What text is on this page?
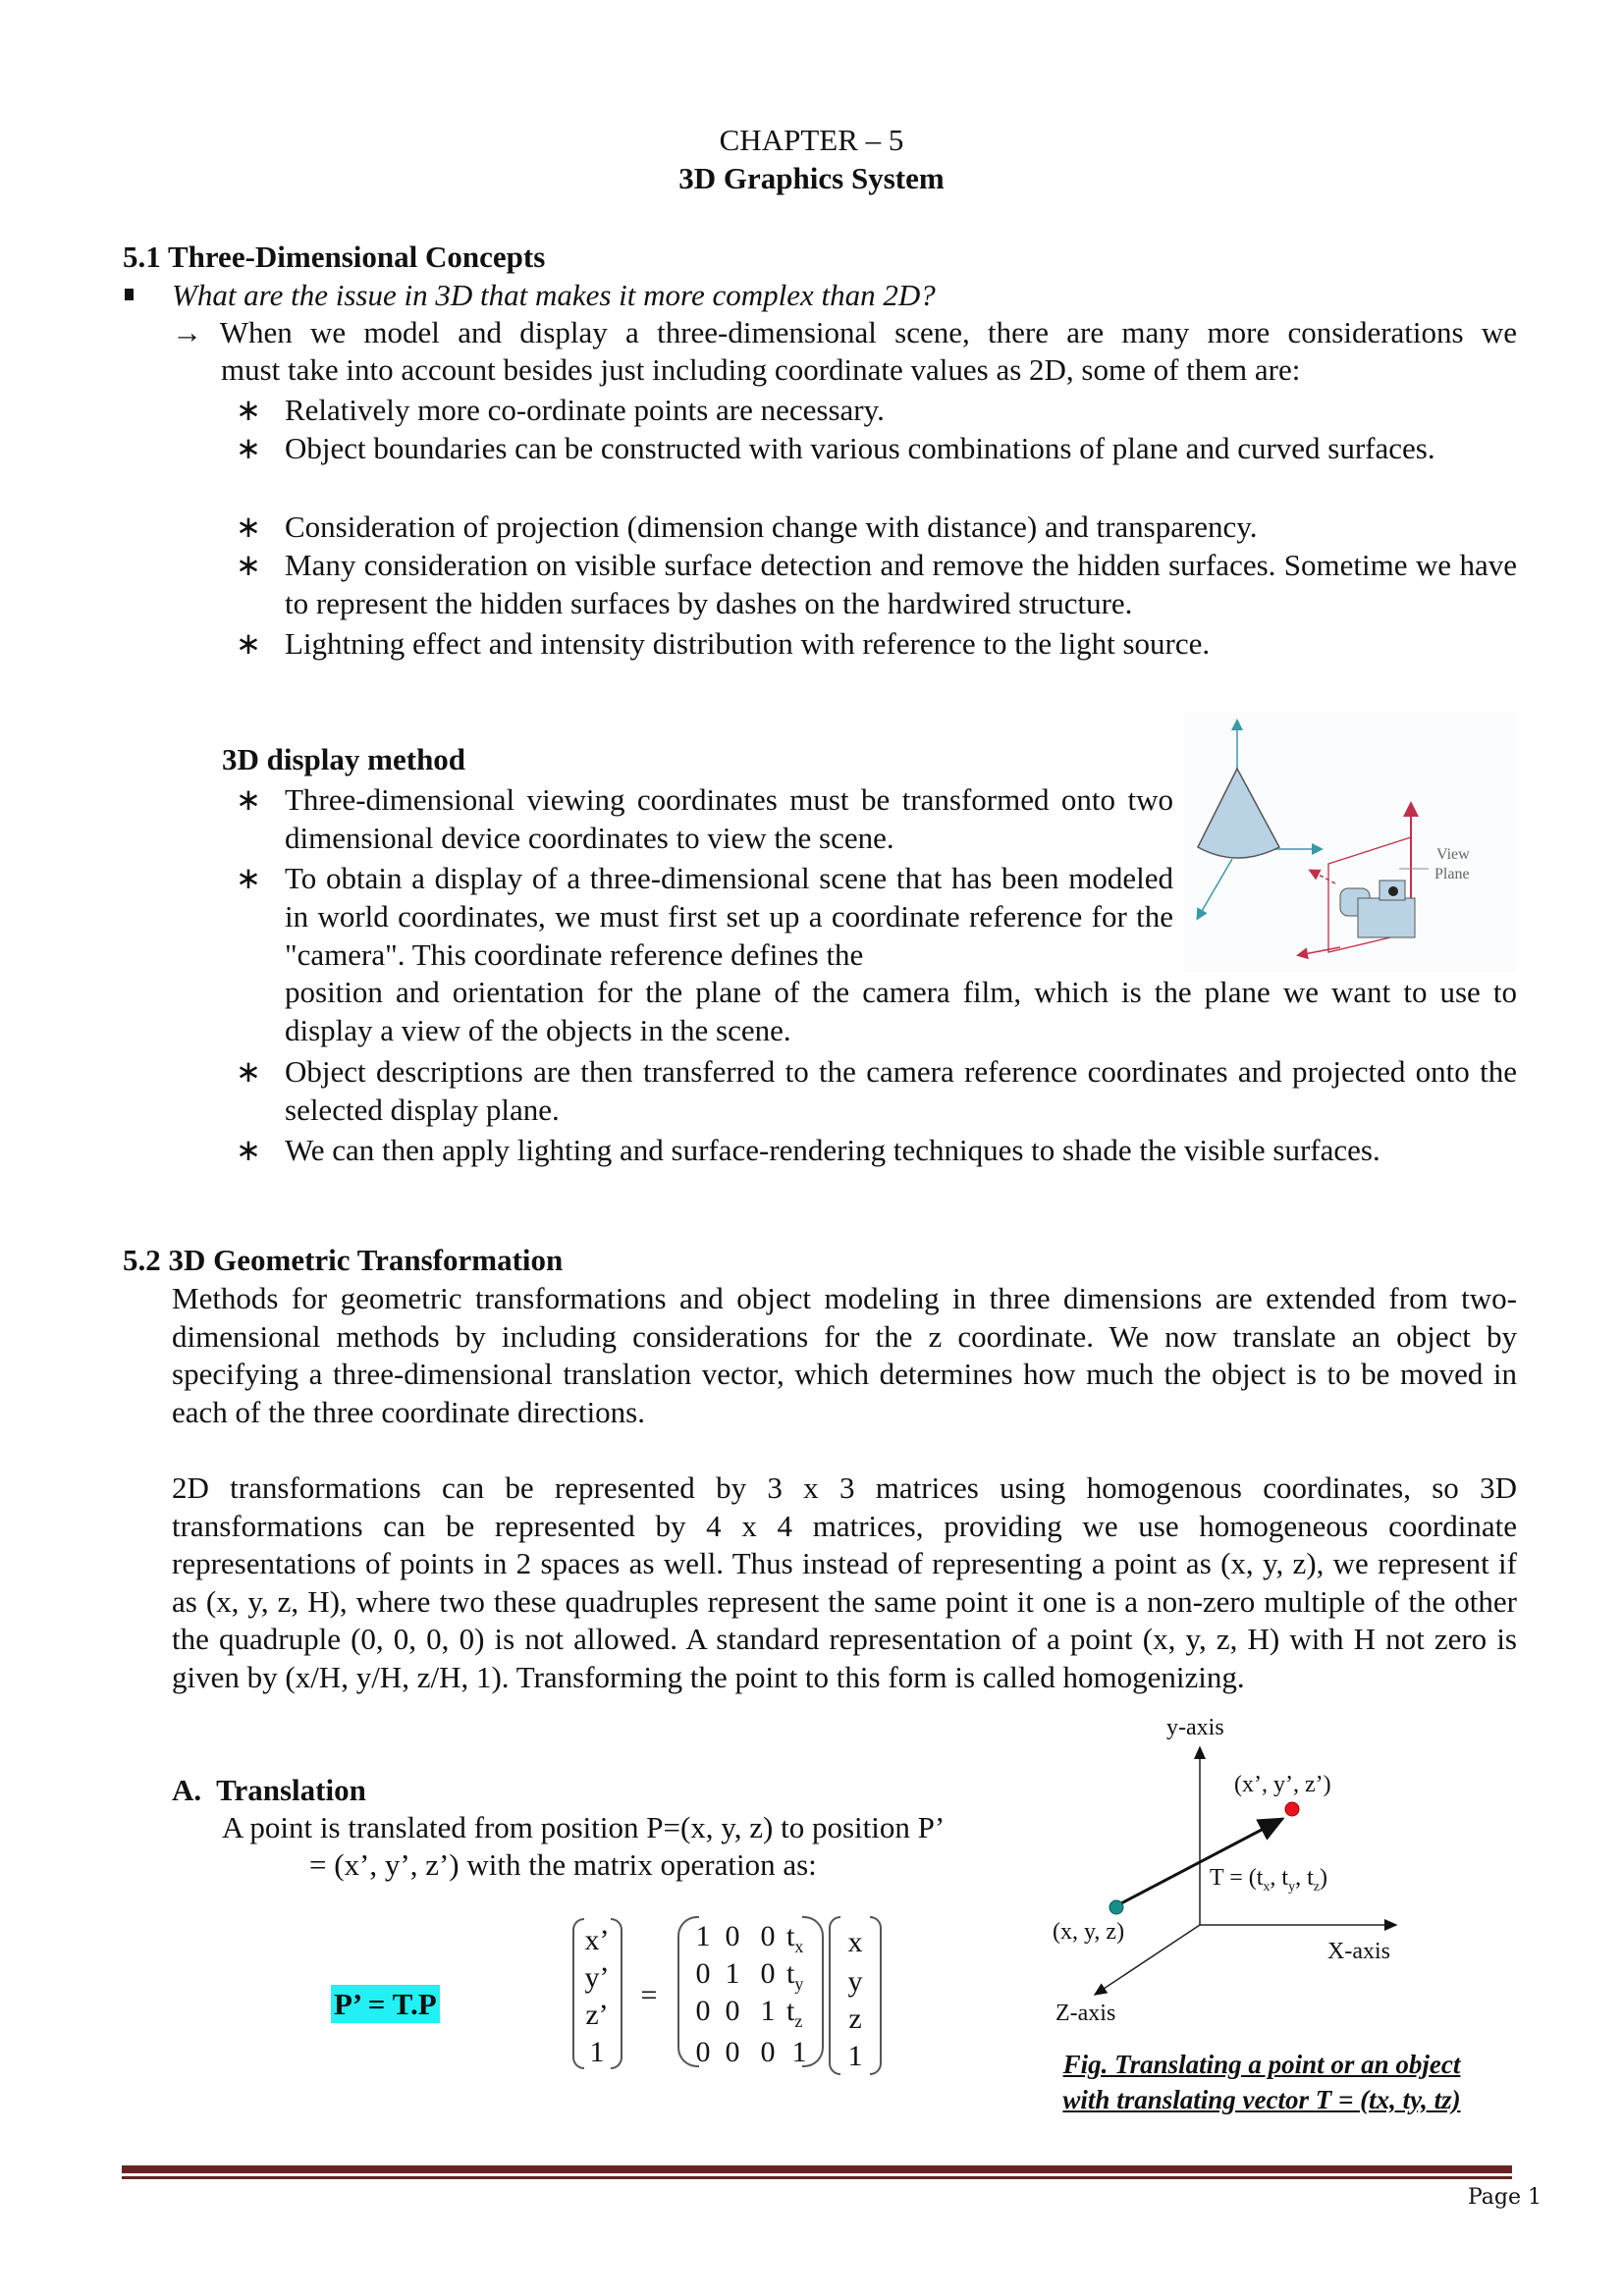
CHAPTER – 5
3D Graphics System
5.1 Three-Dimensional Concepts
What are the issue in 3D that makes it more complex than 2D?
→ When we model and display a three-dimensional scene, there are many more considerations we
must take into account besides just including coordinate values as 2D, some of them are:
∗ Relatively more co-ordinate points are necessary.
∗ Object boundaries can be constructed with various combinations of plane and curved surfaces.
∗ Consideration of projection (dimension change with distance) and transparency.
∗ Many consideration on visible surface detection and remove the hidden surfaces. Sometime we have to represent the hidden surfaces by dashes on the hardwired structure.
∗ Lightning effect and intensity distribution with reference to the light source.
3D display method
∗ Three-dimensional viewing coordinates must be transformed onto two dimensional device coordinates to view the scene.
∗ To obtain a display of a three-dimensional scene that has been modeled in world coordinates, we must first set up a coordinate reference for the "camera". This coordinate reference defines the
position and orientation for the plane of the camera film, which is the plane we want to use to display a view of the objects in the scene.
∗ Object descriptions are then transferred to the camera reference coordinates and projected onto the selected display plane.
∗ We can then apply lighting and surface-rendering techniques to shade the visible surfaces.
View
Plane
5.2 3D Geometric Transformation
Methods for geometric transformations and object modeling in three dimensions are extended from two-dimensional methods by including considerations for the z coordinate. We now translate an object by specifying a three-dimensional translation vector, which determines how much the object is to be moved in each of the three coordinate directions.
2D transformations can be represented by 3 x 3 matrices using homogenous coordinates, so 3D transformations can be represented by 4 x 4 matrices, providing we use homogeneous coordinate representations of points in 2 spaces as well. Thus instead of representing a point as (x, y, z), we represent if as (x, y, z, H), where two these quadruples represent the same point it one is a non-zero multiple of the other the quadruple (0, 0, 0, 0) is not allowed. A standard representation of a point (x, y, z, H) with H not zero is given by (x/H, y/H, z/H, 1). Transforming the point to this form is called homogenizing.
A.  Translation
A point is translated from position P=(x, y, z) to position P’
= (x’, y’, z’) with the matrix operation as:
P’ = T.P
x’
y’
z’
1
=
1 0 0 $t_x$
0 1 0 $t_y$
0 0 1 $t_z$
0 0 0 1
x
y
z
1
y-axis
X-axis
Z-axis
(x, y, z)
(x’, y’, z’)
$T = (t_x$, $t_y$, $t_z$)
Fig. Translating a point or an object
with translating vector T = (tx, ty, tz)
Page 1
